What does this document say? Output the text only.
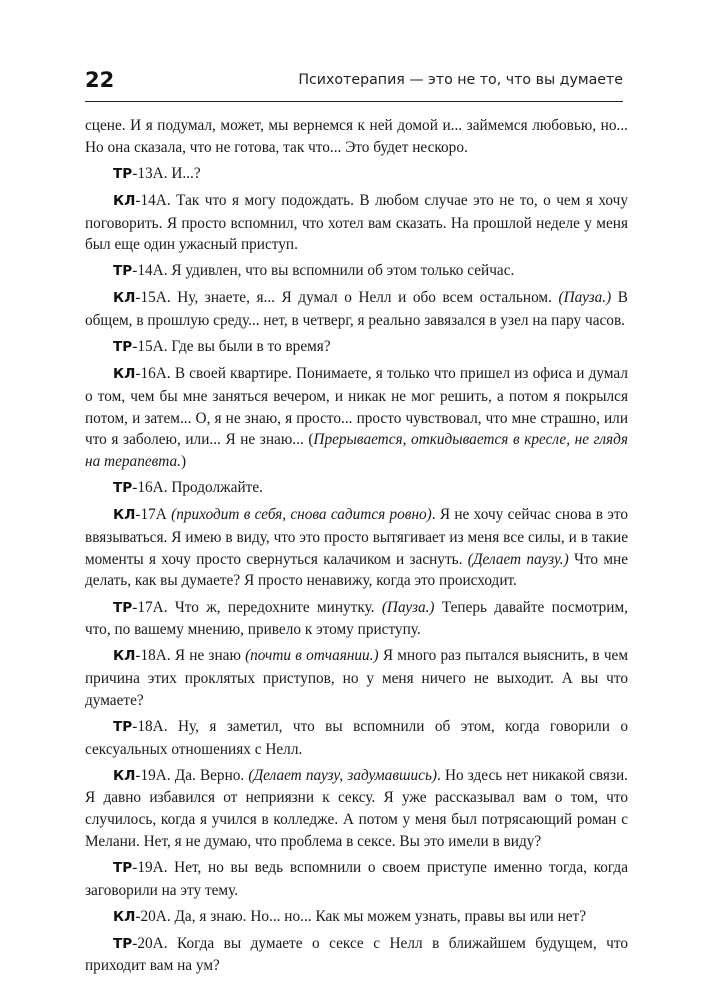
22	Психотерапия — это не то, что вы думаете

сцене. И я подумал, может, мы вернемся к ней домой и... займемся любовью, но... Но она сказала, что не готова, так что... Это будет нескоро.

ТР-13А. И...?

КЛ-14А. Так что я могу подождать. В любом случае это не то, о чем я хочу поговорить. Я просто вспомнил, что хотел вам сказать. На прошлой неделе у меня был еще один ужасный приступ.

ТР-14А. Я удивлен, что вы вспомнили об этом только сейчас.

КЛ-15А. Ну, знаете, я... Я думал о Нелл и обо всем остальном. (Пауза.) В общем, в прошлую среду... нет, в четверг, я реально завязался в узел на пару часов.

ТР-15А. Где вы были в то время?

КЛ-16А. В своей квартире. Понимаете, я только что пришел из офиса и думал о том, чем бы мне заняться вечером, и никак не мог решить, а потом я покрылся потом, и затем... О, я не знаю, я просто... просто чувствовал, что мне страшно, или что я заболею, или... Я не знаю... (Прерывается, откидывается в кресле, не глядя на терапевта.)

ТР-16А. Продолжайте.

КЛ-17А (приходит в себя, снова садится ровно). Я не хочу сейчас снова в это ввязываться. Я имею в виду, что это просто вытягивает из меня все силы, и в такие моменты я хочу просто свернуться калачиком и заснуть. (Делает паузу.) Что мне делать, как вы думаете? Я просто ненавижу, когда это происходит.

ТР-17А. Что ж, передохните минутку. (Пауза.) Теперь давайте посмотрим, что, по вашему мнению, привело к этому приступу.

КЛ-18А. Я не знаю (почти в отчаянии.) Я много раз пытался выяснить, в чем причина этих проклятых приступов, но у меня ничего не выходит. А вы что думаете?

ТР-18А. Ну, я заметил, что вы вспомнили об этом, когда говорили о сексуальных отношениях с Нелл.

КЛ-19А. Да. Верно. (Делает паузу, задумавшись). Но здесь нет никакой связи. Я давно избавился от неприязни к сексу. Я уже рассказывал вам о том, что случилось, когда я учился в колледже. А потом у меня был потрясающий роман с Мелани. Нет, я не думаю, что проблема в сексе. Вы это имели в виду?

ТР-19А. Нет, но вы ведь вспомнили о своем приступе именно тогда, когда заговорили на эту тему.

КЛ-20А. Да, я знаю. Но... но... Как мы можем узнать, правы вы или нет?

ТР-20А. Когда вы думаете о сексе с Нелл в ближайшем будущем, что приходит вам на ум?
